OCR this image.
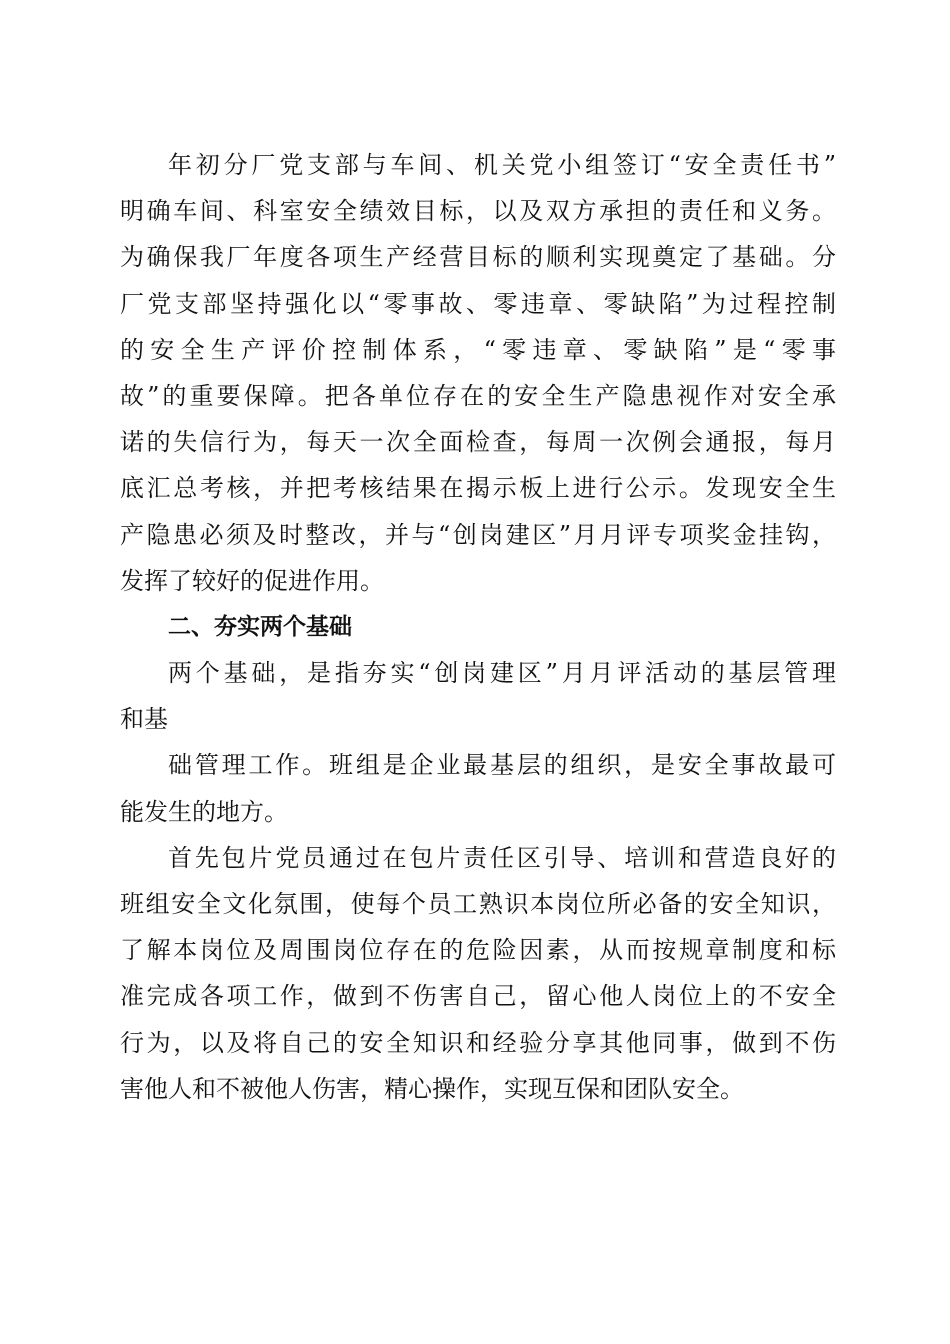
年初分厂党支部与车间、机关党小组签订“安全责任书”
明确车间、科室安全绩效目标，以及双方承担的责任和义务。
为确保我厂年度各项生产经营目标的顺利实现奠定了基础。分
厂党支部坚持强化以“零事故、零违章、零缺陷”为过程控制
的安全生产评价控制体系，“零违章、零缺陷”是“零事
故”的重要保障。把各单位存在的安全生产隐患视作对安全承
诺的失信行为，每天一次全面检查，每周一次例会通报，每月
底汇总考核，并把考核结果在揭示板上进行公示。发现安全生
产隐患必须及时整改，并与“创岗建区”月月评专项奖金挂钩，
发挥了较好的促进作用。
二、夯实两个基础
两个基础，是指夯实“创岗建区”月月评活动的基层管理
和基
础管理工作。班组是企业最基层的组织，是安全事故最可
能发生的地方。
首先包片党员通过在包片责任区引导、培训和营造良好的
班组安全文化氛围，使每个员工熟识本岗位所必备的安全知识，
了解本岗位及周围岗位存在的危险因素，从而按规章制度和标
准完成各项工作，做到不伤害自己，留心他人岗位上的不安全
行为，以及将自己的安全知识和经验分享其他同事，做到不伤
害他人和不被他人伤害，精心操作，实现互保和团队安全。
